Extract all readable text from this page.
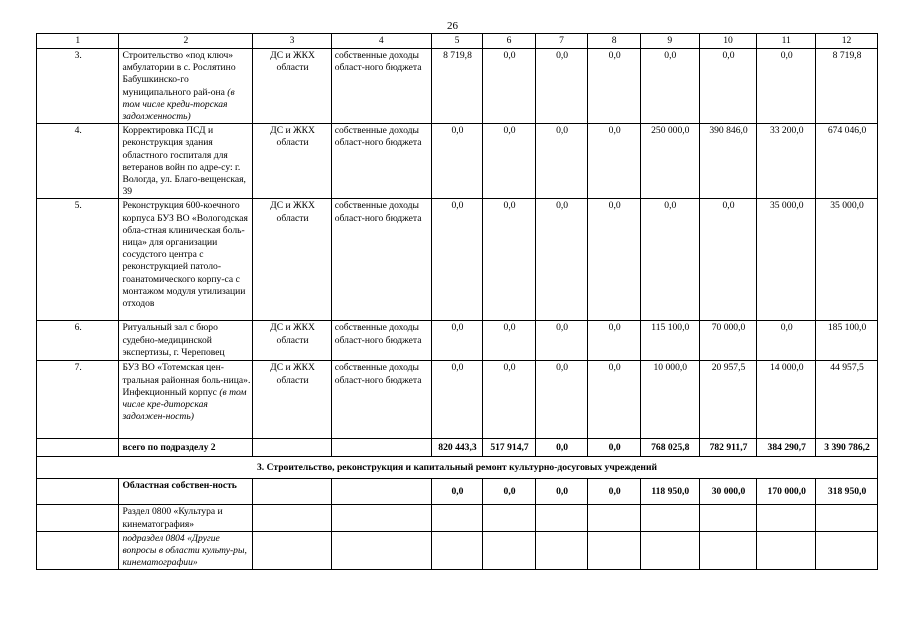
26
1	2	3	4	5	6	7	8	9	10	11	12
3.	Строительство «под ключ» амбулатории в с. Рослятино Бабушкинско-го муниципального рай-она (в том числе креди-торская задолженность)	ДС и ЖКХ области	собственные доходы област-ного бюджета	8 719,8	0,0	0,0	0,0	0,0	0,0	0,0	8 719,8
4.	Корректировка ПСД и реконструкция здания областного госпиталя для ветеранов войн по адре-су: г. Вологда, ул. Благо-вещенская, 39	ДС и ЖКХ области	собственные доходы област-ного бюджета	0,0	0,0	0,0	0,0	250 000,0	390 846,0	33 200,0	674 046,0
5.	Реконструкция 600-коечного корпуса БУЗ ВО «Вологодская обла-стная клиническая боль-ница» для организации сосудстого центра с реконструкцией патоло-гоанатомического корпу-са с монтажом модуля утилизации отходов	ДС и ЖКХ области	собственные доходы област-ного бюджета	0,0	0,0	0,0	0,0	0,0	0,0	35 000,0	35 000,0
6.	Ритуальный зал с бюро судебно-медицинской экспертизы, г. Череповец	ДС и ЖКХ области	собственные доходы област-ного бюджета	0,0	0,0	0,0	0,0	115 100,0	70 000,0	0,0	185 100,0
7.	БУЗ ВО «Тотемская цен-тральная районная боль-ница». Инфекционный корпус (в том числе кре-диторская задолжен-ность)	ДС и ЖКХ области	собственные доходы област-ного бюджета	0,0	0,0	0,0	0,0	10 000,0	20 957,5	14 000,0	44 957,5
	всего по подразделу 2			820 443,3	517 914,7	0,0	0,0	768 025,8	782 911,7	384 290,7	3 390 786,2
3. Строительство, реконструкция и капитальный ремонт культурно-досуговых учреждений											
	Областная собствен-ность			0,0	0,0	0,0	0,0	118 950,0	30 000,0	170 000,0	318 950,0
	Раздел 0800 «Культура и кинематография»										
	подраздел 0804 «Другие вопросы в области культу-ры, кинематографии»										
